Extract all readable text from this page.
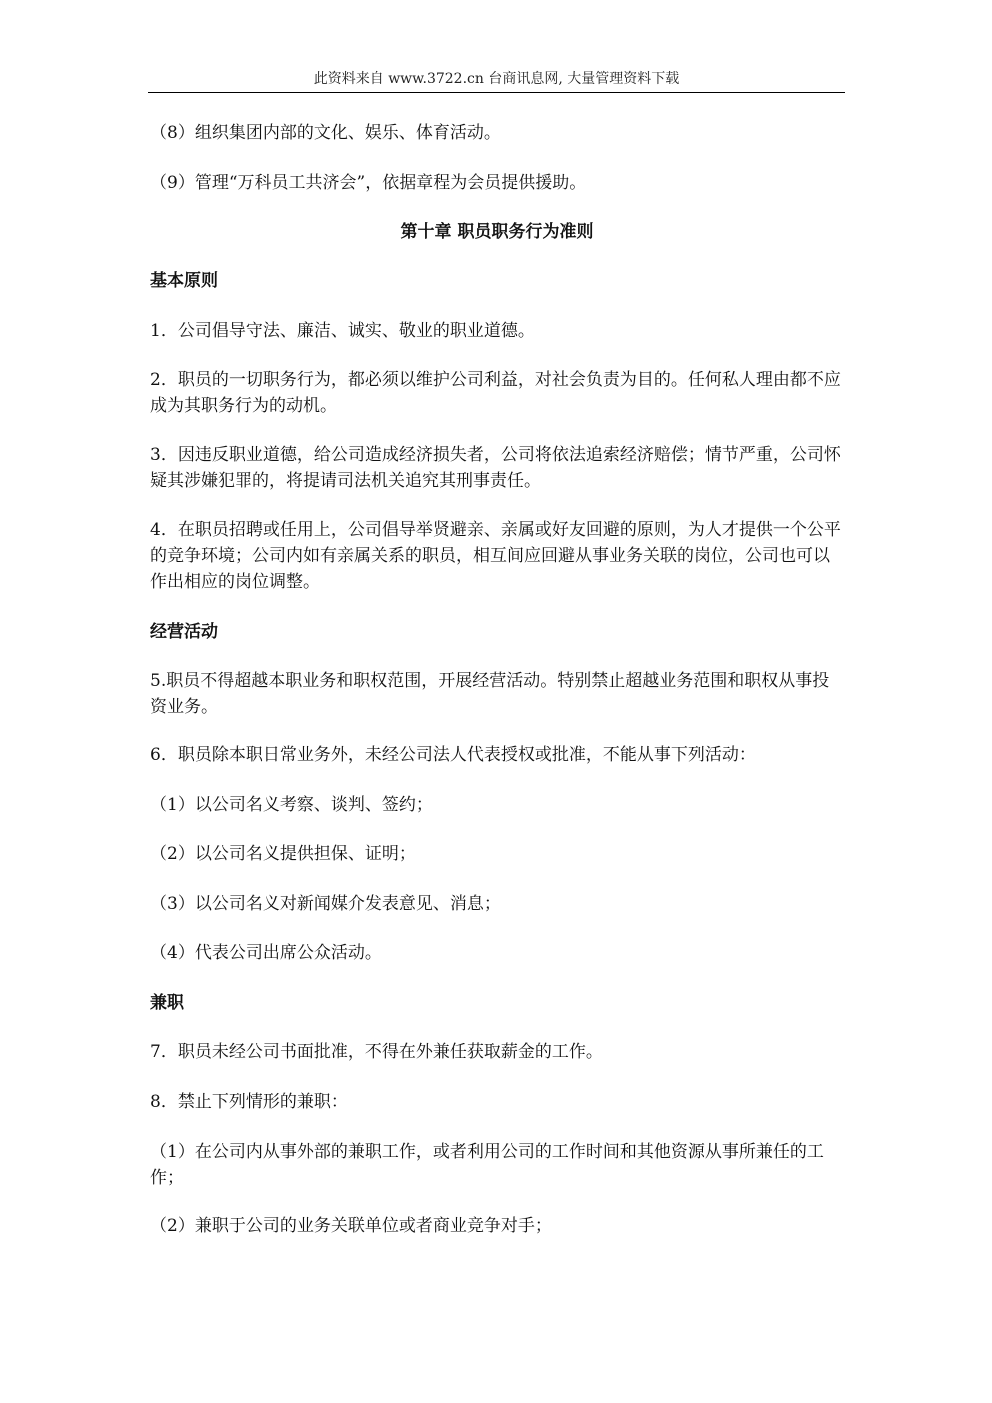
此资料来自 www.3722.cn 台商讯息网, 大量管理资料下载
（8）组织集团内部的文化、娱乐、体育活动。
（9）管理“万科员工共济会”，依据章程为会员提供援助。
第十章 职员职务行为准则
基本原则
1．公司倡导守法、廉洁、诚实、敬业的职业道德。
2．职员的一切职务行为，都必须以维护公司利益，对社会负责为目的。任何私人理由都不应成为其职务行为的动机。
3．因违反职业道德，给公司造成经济损失者，公司将依法追索经济赔偿；情节严重，公司怀疑其涉嫌犯罪的，将提请司法机关追究其刑事责任。
4．在职员招聘或任用上，公司倡导举贤避亲、亲属或好友回避的原则，为人才提供一个公平的竞争环境；公司内如有亲属关系的职员，相互间应回避从事业务关联的岗位，公司也可以作出相应的岗位调整。
经营活动
5.职员不得超越本职业务和职权范围，开展经营活动。特别禁止超越业务范围和职权从事投资业务。
6．职员除本职日常业务外，未经公司法人代表授权或批准，不能从事下列活动：
（1）以公司名义考察、谈判、签约；
（2）以公司名义提供担保、证明；
（3）以公司名义对新闻媒介发表意见、消息；
（4）代表公司出席公众活动。
兼职
7．职员未经公司书面批准，不得在外兼任获取薪金的工作。
8．禁止下列情形的兼职：
（1）在公司内从事外部的兼职工作，或者利用公司的工作时间和其他资源从事所兼任的工作；
（2）兼职于公司的业务关联单位或者商业竞争对手；
